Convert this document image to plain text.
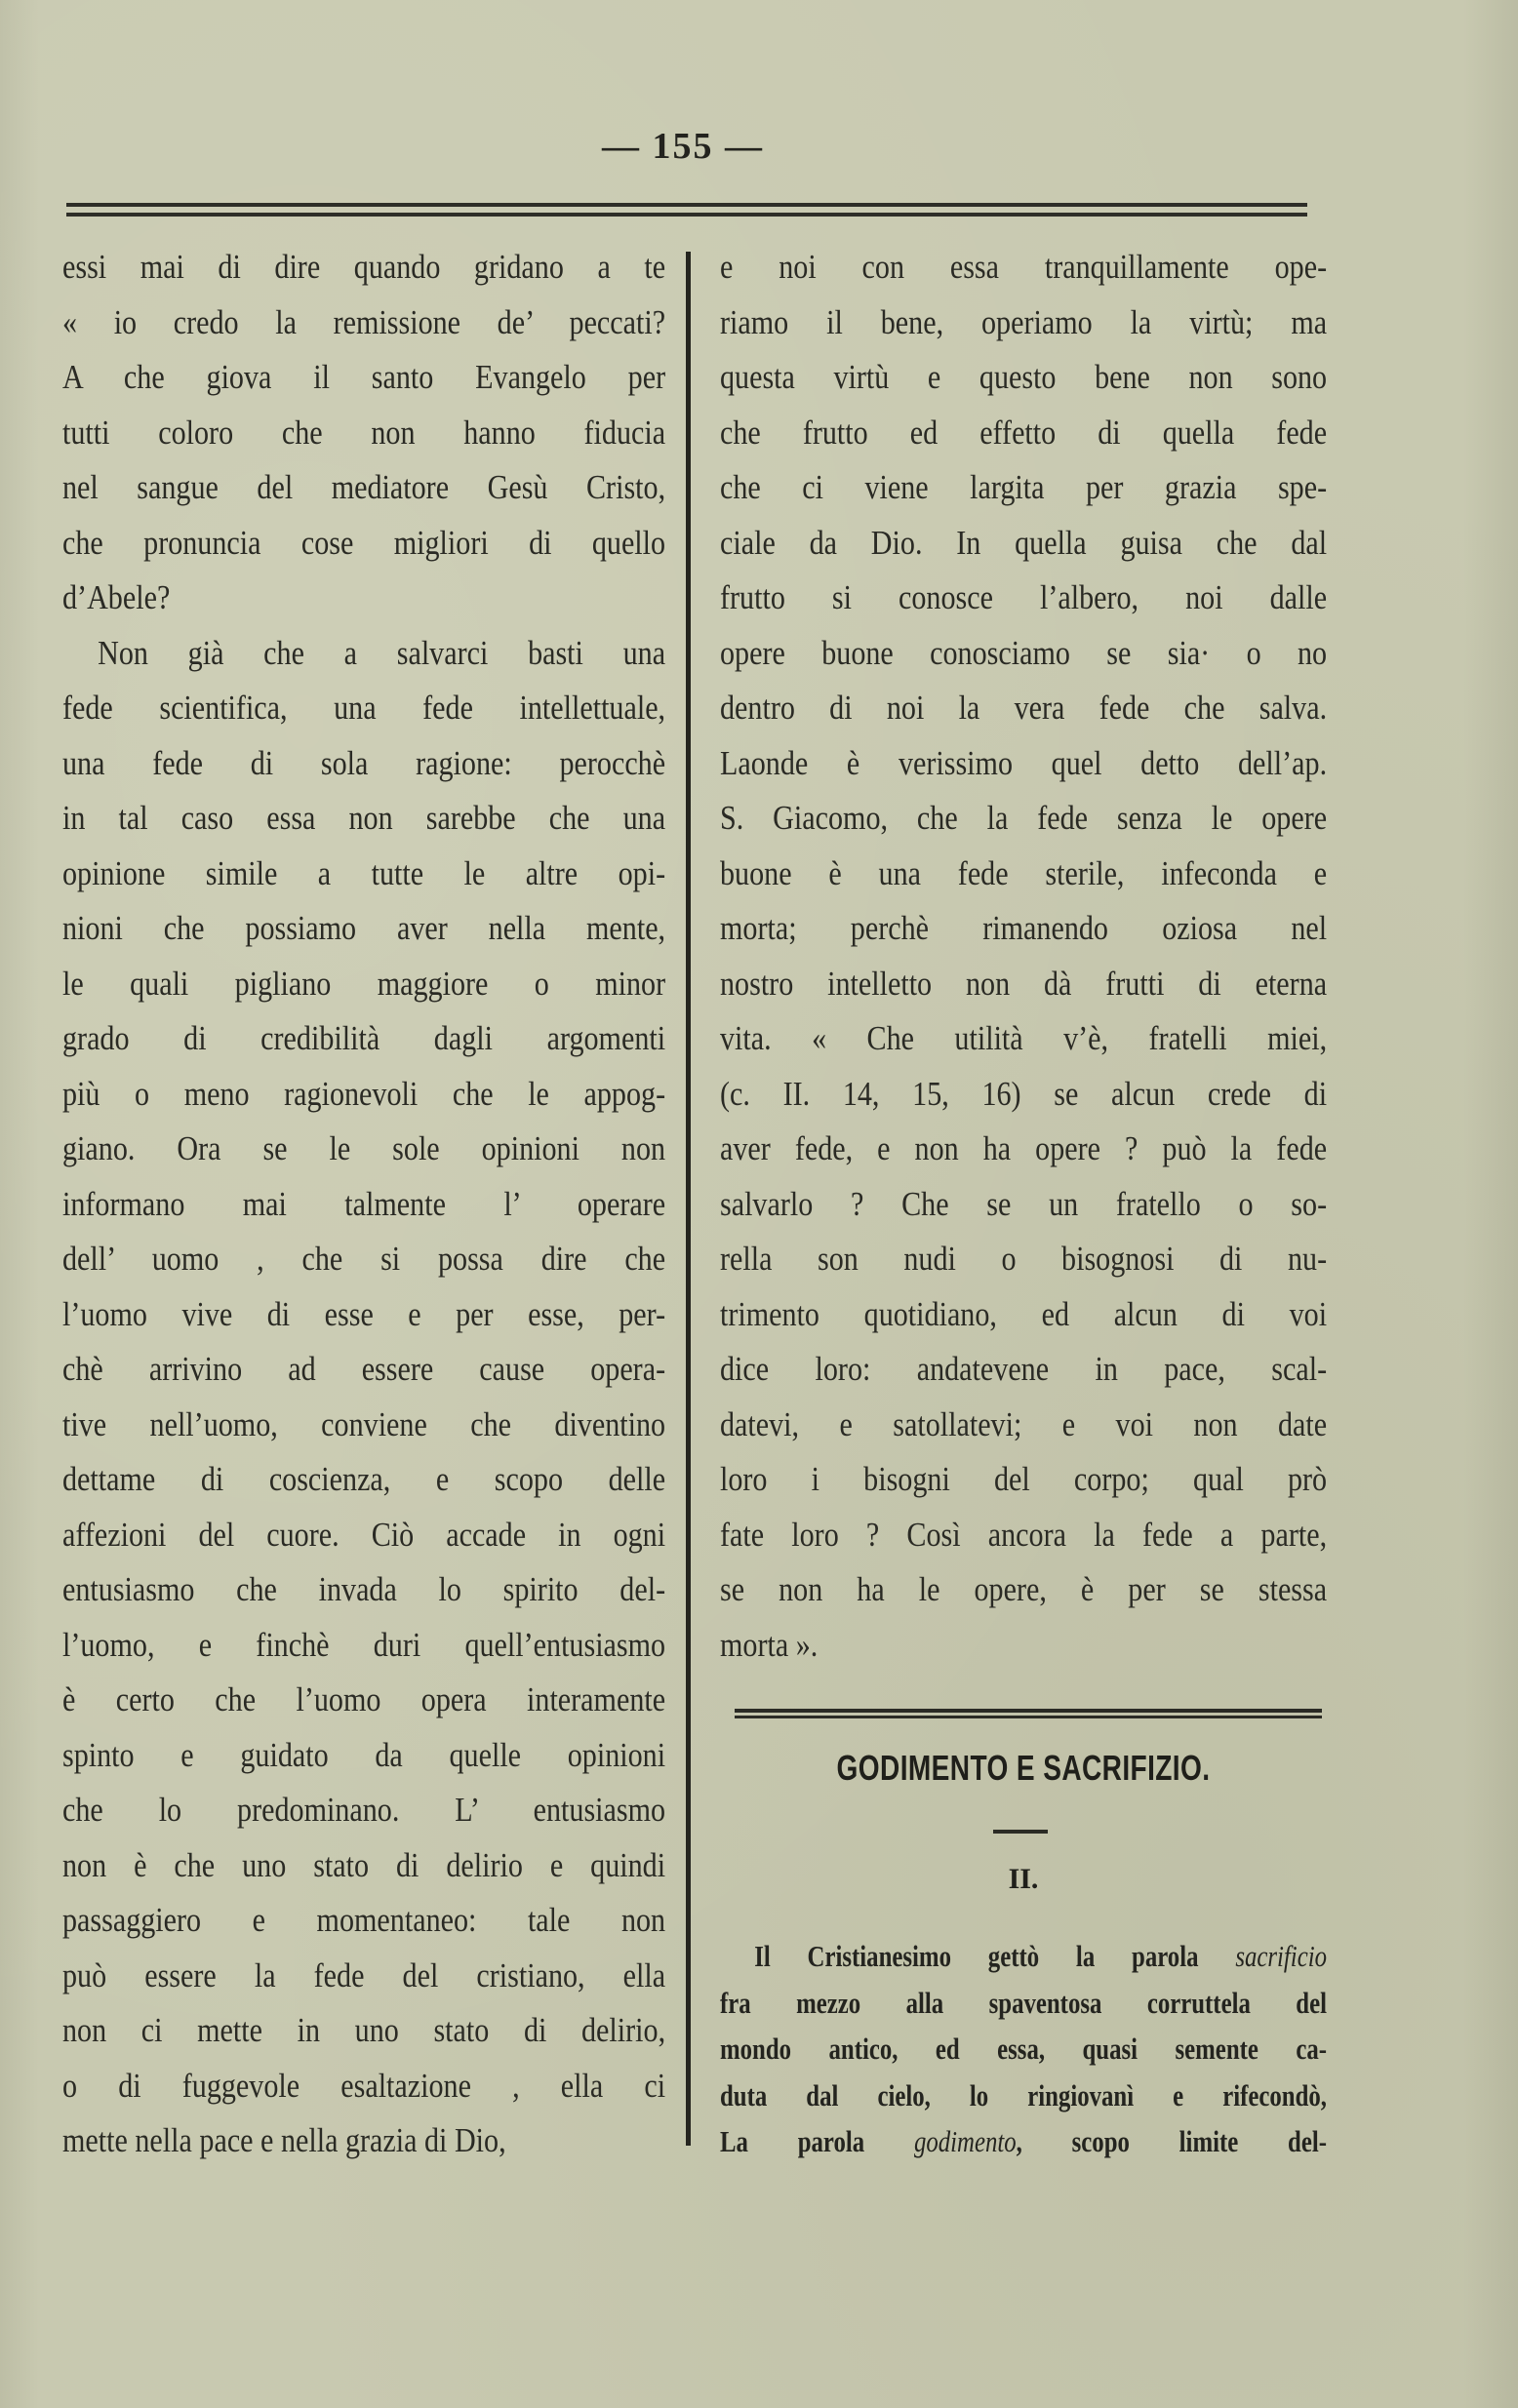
— 155 —
essi mai di dire quando gridano a te
« io credo la remissione de’ peccati?
A che giova il santo Evangelo per
tutti coloro che non hanno fiducia
nel sangue del mediatore Gesù Cristo,
che pronuncia cose migliori di quello
d’Abele?
Non già che a salvarci basti una
fede scientifica, una fede intellettuale,
una fede di sola ragione: perocchè
in tal caso essa non sarebbe che una
opinione simile a tutte le altre opi-
nioni che possiamo aver nella mente,
le quali pigliano maggiore o minor
grado di credibilità dagli argomenti
più o meno ragionevoli che le appog-
giano. Ora se le sole opinioni non
informano mai talmente l’ operare
dell’ uomo , che si possa dire che
l’uomo vive di esse e per esse, per-
chè arrivino ad essere cause opera-
tive nell’uomo, conviene che diventino
dettame di coscienza, e scopo delle
affezioni del cuore. Ciò accade in ogni
entusiasmo che invada lo spirito del-
l’uomo, e finchè duri quell’entusiasmo
è certo che l’uomo opera interamente
spinto e guidato da quelle opinioni
che lo predominano. L’ entusiasmo
non è che uno stato di delirio e quindi
passaggiero e momentaneo: tale non
può essere la fede del cristiano, ella
non ci mette in uno stato di delirio,
o di fuggevole esaltazione , ella ci
mette nella pace e nella grazia di Dio,
e noi con essa tranquillamente ope-
riamo il bene, operiamo la virtù; ma
questa virtù e questo bene non sono
che frutto ed effetto di quella fede
che ci viene largita per grazia spe-
ciale da Dio. In quella guisa che dal
frutto si conosce l’albero, noi dalle
opere buone conosciamo se sia· o no
dentro di noi la vera fede che salva.
Laonde è verissimo quel detto dell’ap.
S. Giacomo, che la fede senza le opere
buone è una fede sterile, infeconda e
morta; perchè rimanendo oziosa nel
nostro intelletto non dà frutti di eterna
vita. « Che utilità v’è, fratelli miei,
(c. II. 14, 15, 16) se alcun crede di
aver fede, e non ha opere ? può la fede
salvarlo ? Che se un fratello o so-
rella son nudi o bisognosi di nu-
trimento quotidiano, ed alcun di voi
dice loro: andatevene in pace, scal-
datevi, e satollatevi; e voi non date
loro i bisogni del corpo; qual prò
fate loro ? Così ancora la fede a parte,
se non ha le opere, è per se stessa
morta ».
GODIMENTO E SACRIFIZIO.
II.
Il Cristianesimo gettò la parola sacrificio
fra mezzo alla spaventosa corruttela del
mondo antico, ed essa, quasi semente ca-
duta dal cielo, lo ringiovanì e rifecondò,
La parola godimento, scopo limite del-
